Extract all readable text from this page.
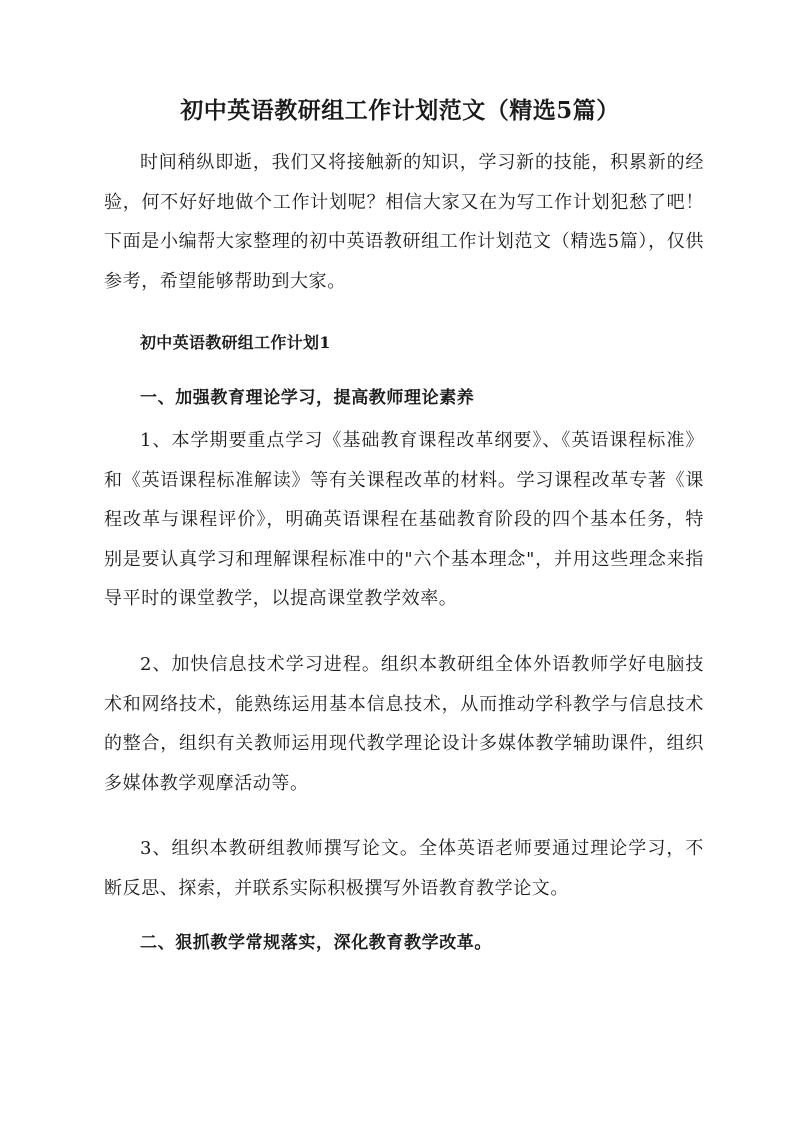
初中英语教研组工作计划范文（精选5篇）

时间稍纵即逝，我们又将接触新的知识，学习新的技能，积累新的经验，何不好好地做个工作计划呢？相信大家又在为写工作计划犯愁了吧！下面是小编帮大家整理的初中英语教研组工作计划范文（精选5篇），仅供参考，希望能够帮助到大家。

初中英语教研组工作计划1

一、加强教育理论学习，提高教师理论素养

1、本学期要重点学习《基础教育课程改革纲要》、《英语课程标准》和《英语课程标准解读》等有关课程改革的材料。学习课程改革专著《课程改革与课程评价》，明确英语课程在基础教育阶段的四个基本任务，特别是要认真学习和理解课程标准中的"六个基本理念"，并用这些理念来指导平时的课堂教学，以提高课堂教学效率。

2、加快信息技术学习进程。组织本教研组全体外语教师学好电脑技术和网络技术，能熟练运用基本信息技术，从而推动学科教学与信息技术的整合，组织有关教师运用现代教学理论设计多媒体教学辅助课件，组织多媒体教学观摩活动等。

3、组织本教研组教师撰写论文。全体英语老师要通过理论学习，不断反思、探索，并联系实际积极撰写外语教育教学论文。

二、狠抓教学常规落实，深化教育教学改革。
